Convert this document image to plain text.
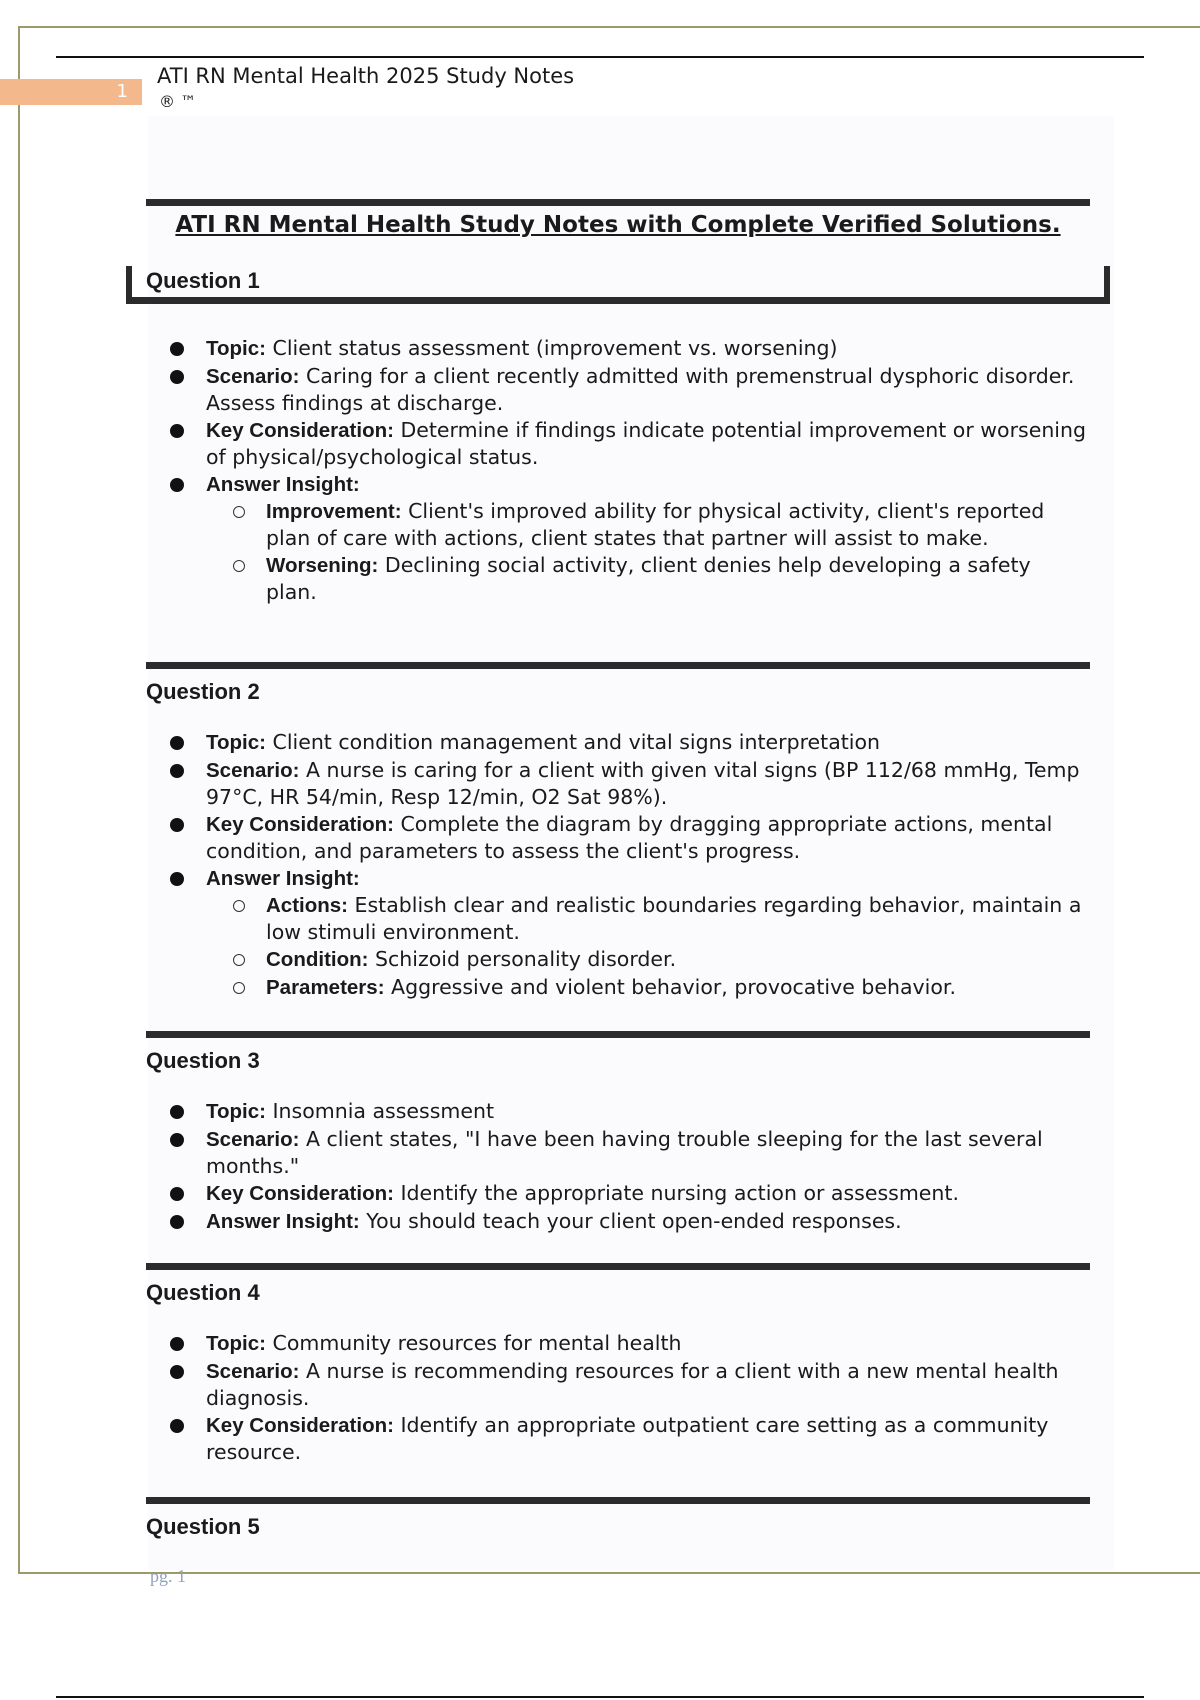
1
ATI RN Mental Health 2025 Study Notes
® ™
ATI RN Mental Health Study Notes with Complete Verified Solutions.
Question 1
Topic: Client status assessment (improvement vs. worsening)
Scenario: Caring for a client recently admitted with premenstrual dysphoric disorder. Assess findings at discharge.
Key Consideration: Determine if findings indicate potential improvement or worsening of physical/psychological status.
Answer Insight:
Improvement: Client's improved ability for physical activity, client's reported plan of care with actions, client states that partner will assist to make.
Worsening: Declining social activity, client denies help developing a safety plan.
Question 2
Topic: Client condition management and vital signs interpretation
Scenario: A nurse is caring for a client with given vital signs (BP 112/68 mmHg, Temp 97°C, HR 54/min, Resp 12/min, O2 Sat 98%).
Key Consideration: Complete the diagram by dragging appropriate actions, mental condition, and parameters to assess the client's progress.
Answer Insight:
Actions: Establish clear and realistic boundaries regarding behavior, maintain a low stimuli environment.
Condition: Schizoid personality disorder.
Parameters: Aggressive and violent behavior, provocative behavior.
Question 3
Topic: Insomnia assessment
Scenario: A client states, "I have been having trouble sleeping for the last several months."
Key Consideration: Identify the appropriate nursing action or assessment.
Answer Insight: You should teach your client open-ended responses.
Question 4
Topic: Community resources for mental health
Scenario: A nurse is recommending resources for a client with a new mental health diagnosis.
Key Consideration: Identify an appropriate outpatient care setting as a community resource.
Question 5
pg. 1
